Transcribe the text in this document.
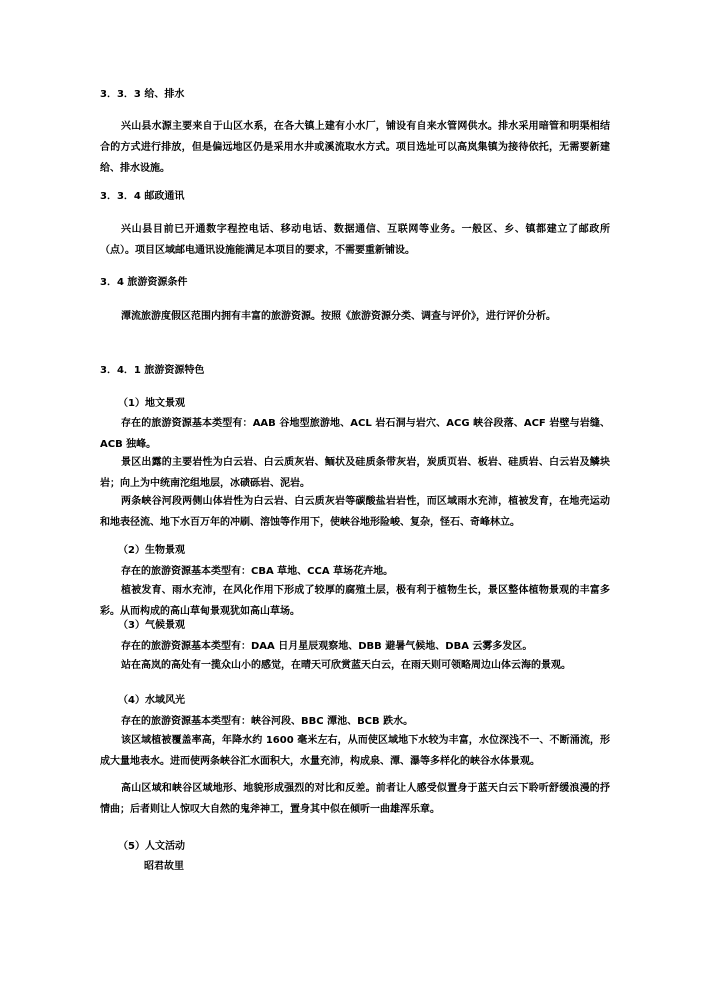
3．3．3 给、排水
兴山县水源主要来自于山区水系，在各大镇上建有小水厂，铺设有自来水管网供水。排水采用暗管和明渠相结合的方式进行排放，但是偏远地区仍是采用水井或溪流取水方式。项目选址可以高岚集镇为接待依托，无需要新建给、排水设施。
3．3．4 邮政通讯
兴山县目前已开通数字程控电话、移动电话、数据通信、互联网等业务。一般区、乡、镇都建立了邮政所（点）。项目区域邮电通讯设施能满足本项目的要求，不需要重新铺设。
3．4 旅游资源条件
潭流旅游度假区范围内拥有丰富的旅游资源。按照《旅游资源分类、调查与评价》，进行评价分析。
3．4．1 旅游资源特色
（1）地文景观
存在的旅游资源基本类型有：AAB 谷地型旅游地、ACL 岩石洞与岩穴、ACG 峡谷段落、ACF 岩壁与岩缝、ACB 独峰。
景区出露的主要岩性为白云岩、白云质灰岩、鲕状及硅质条带灰岩，炭质页岩、板岩、硅质岩、白云岩及鳞块岩；向上为中统南沱组地层，冰碛砾岩、泥岩。
两条峡谷河段两侧山体岩性为白云岩、白云质灰岩等碳酸盐岩岩性，而区域雨水充沛，植被发育，在地壳运动和地表径流、地下水百万年的冲刷、溶蚀等作用下，使峡谷地形险峻、复杂，怪石、奇峰林立。
（2）生物景观
存在的旅游资源基本类型有：CBA 草地、CCA 草场花卉地。
植被发育、雨水充沛，在风化作用下形成了较厚的腐殖土层，极有利于植物生长，景区整体植物景观的丰富多彩。从而构成的高山草甸景观犹如高山草场。
（3）气候景观
存在的旅游资源基本类型有：DAA 日月星辰观察地、DBB 避暑气候地、DBA 云雾多发区。
站在高岚的高处有一揽众山小的感觉，在晴天可欣赏蓝天白云，在雨天则可领略周边山体云海的景观。
（4）水域风光
存在的旅游资源基本类型有：峡谷河段、BBC 潭池、BCB 跌水。
该区域植被覆盖率高，年降水约 1600 毫米左右，从而使区域地下水较为丰富，水位深浅不一、不断涌流，形成大量地表水。进而使两条峡谷汇水面积大，水量充沛，构成泉、潭、瀑等多样化的峡谷水体景观。
高山区域和峡谷区域地形、地貌形成强烈的对比和反差。前者让人感受似置身于蓝天白云下聆听舒缓浪漫的抒情曲；后者则让人惊叹大自然的鬼斧神工，置身其中似在倾听一曲雄浑乐章。
（5）人文活动
昭君故里
